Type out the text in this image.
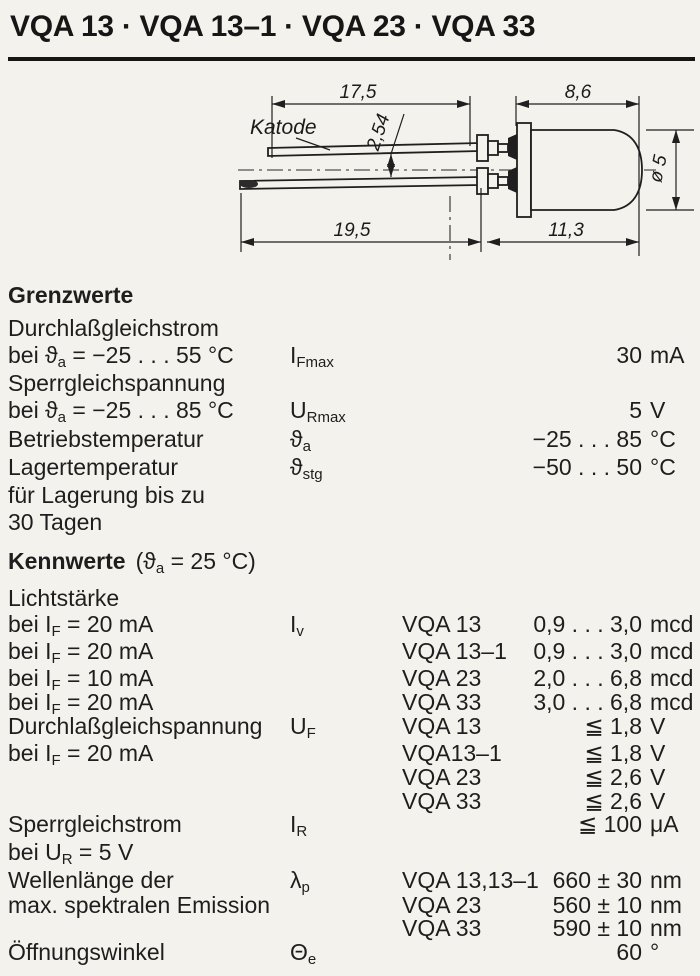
VQA 13 · VQA 13–1 · VQA 23 · VQA 33
17,5	8,6
Katode 2,54
19,5	11,3
ø 5
Grenzwerte
Durchlaßgleichstrom
bei $ϑ_a = -25$ . . . 55 °C $I_{Fmax}$	30 mA
Sperrgleichspannung
bei $ϑ_a = -25$ . . . 85 °C $U_{Rmax}$	5 V
Betriebstemperatur	$ϑ_a$	−25 . . . 85 °C
Lagertemperatur	$ϑ_{stg}$	−50 . . . 50 °C
für Lagerung bis zu
30 Tagen
Kennwerte ($ϑ_a = 25$ °C)
Lichtstärke
bei $I_F = 20$ mA	$I_v$	VQA 13 0,9 . . . 3,0 mcd
bei $I_F = 20$ mA	VQA 13–1 0,9 . . . 3,0 mcd
bei $I_F = 10$ mA	VQA 23 2,0 . . . 6,8 mcd
bei $I_F = 20$ mA	VQA 33 3,0 . . . 6,8 mcd
Durchlaßgleichspannung $U_F$	VQA 13	≦ 1,8 V
bei $I_F = 20$ mA	VQA13–1	≦ 1,8 V
VQA 23	≦ 2,6 V
VQA 33	≦ 2,6 V
Sperrgleichstrom	$I_R$	≦ 100 μA
bei $U_R = 5$ V
Wellenlänge der	$\lambda_p$	VQA 13,13–1 660 ± 30 nm
max. spektralen Emission	VQA 23	560 ± 10 nm
VQA 33	590 ± 10 nm
Öffnungswinkel	$\Theta_e$	60 °
